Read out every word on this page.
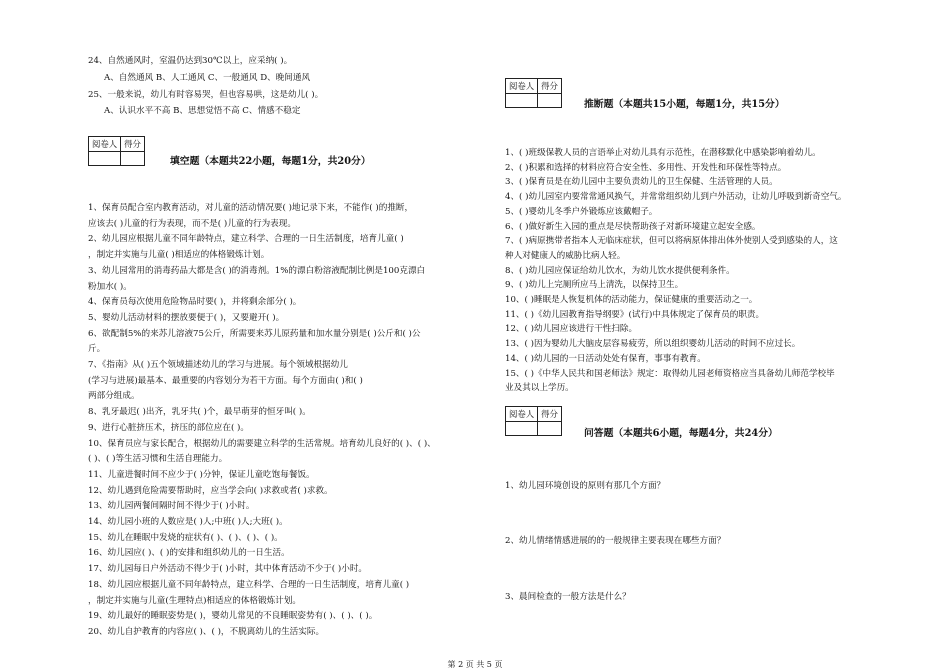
24、自然通风时，室温仍达到30℃以上，应采纳( )。
A、自然通风 B、人工通风 C、一般通风 D、晚间通风
25、一般来说，幼儿有时容易哭，但也容易哄，这是幼儿( )。
A、认识水平不高 B、思想觉悟不高 C、情感不稳定
阅卷人	得分

填空题（本题共22小题，每题1分，共20分）
1、保育员配合室内教育活动，对儿童的活动情况要( )地记录下来，不能作( )的推断，
应该去( )儿童的行为表现，而不是( )儿童的行为表现。
2、幼儿园应根据儿童不同年龄特点，建立科学、合理的一日生活制度，培育儿童( )
，制定并实施与儿童( )相适应的体格锻炼计划。
3、幼儿园常用的消毒药品大都是含( )的消毒剂。1%的漂白粉溶液配制比例是100克漂白
粉加水( )。
4、保育员每次使用危险物品时要( )，并将剩余部分( )。
5、婴幼儿活动材料的摆放要便于( )，又要避开( )。
6、欲配制5%的来苏儿溶液75公斤，所需要来苏儿原药量和加水量分别是( )公斤和( )公
斤。
7、《指南》从( )五个领域描述幼儿的学习与进展。每个领域根据幼儿
(学习与进展)最基本、最重要的内容划分为若干方面。每个方面由( )和( )
两部分组成。
8、乳牙最迟( )出齐，乳牙共( )个，最早萌芽的恒牙叫( )。
9、进行心脏挤压术，挤压的部位应在( )。
10、保育员应与家长配合，根据幼儿的需要建立科学的生活常规。培育幼儿良好的( )、( )、
( )、( )等生活习惯和生活自理能力。
11、儿童进餐时间不应少于( )分钟，保证儿童吃饱每餐饭。
12、幼儿遇到危险需要帮助时，应当学会向( )求救或者( )求救。
13、幼儿园两餐间隔时间不得少于( )小时。
14、幼儿园小班的人数应是( )人;中班( )人;大班( )。
15、幼儿在睡眠中发烧的症状有( )、( )、( )、( )。
16、幼儿园应( )、( )的安排和组织幼儿的一日生活。
17、幼儿园每日户外活动不得少于( )小时，其中体育活动不少于( )小时。
18、幼儿园应根据儿童不同年龄特点，建立科学、合理的一日生活制度，培育儿童( )
，制定并实施与儿童(生理特点)相适应的体格锻炼计划。
19、幼儿最好的睡眠姿势是( )，婴幼儿常见的不良睡眠姿势有( )、( )、( )。
20、幼儿自护教育的内容应( )、( )，不脱离幼儿的生活实际。
阅卷人	得分

推断题（本题共15小题，每题1分，共15分）
1、( )班级保教人员的言语举止对幼儿具有示范性，在潜移默化中感染影响着幼儿。
2、( )积累和选择的材料应符合安全性、多用性、开发性和环保性等特点。
3、( )保育员是在幼儿园中主要负责幼儿的卫生保健、生活管理的人员。
4、( )幼儿园室内要常常通风换气，并常常组织幼儿到户外活动，让幼儿呼吸到新奇空气。
5、( )婴幼儿冬季户外锻炼应该戴帽子。
6、( )做好新生入园的重点是尽快帮助孩子对新环境建立起安全感。
7、( )病原携带者指本人无临床症状，但可以将病原体排出体外使别人受到感染的人，这
种人对健康人的威胁比病人轻。
8、( )幼儿园应保证给幼儿饮水，为幼儿饮水提供便利条件。
9、( )幼儿上完厕所应马上清洗，以保持卫生。
10、( )睡眠是人恢复机体的活动能力，保证健康的重要活动之一。
11、( )《幼儿园教育指导纲要》(试行)中具体规定了保育员的职责。
12、( )幼儿园应该进行干性扫除。
13、( )因为婴幼儿大脑皮层容易疲劳，所以组织婴幼儿活动的时间不应过长。
14、( )幼儿园的一日活动处处有保育，事事有教育。
15、( )《中华人民共和国老师法》规定：取得幼儿园老师资格应当具备幼儿师范学校毕
业及其以上学历。
阅卷人	得分

问答题（本题共6小题，每题4分，共24分）
1、幼儿园环境创设的原则有那几个方面？
2、幼儿情绪情感进展的的一般规律主要表现在哪些方面？
3、晨间检查的一般方法是什么？
第 2 页 共 5 页
